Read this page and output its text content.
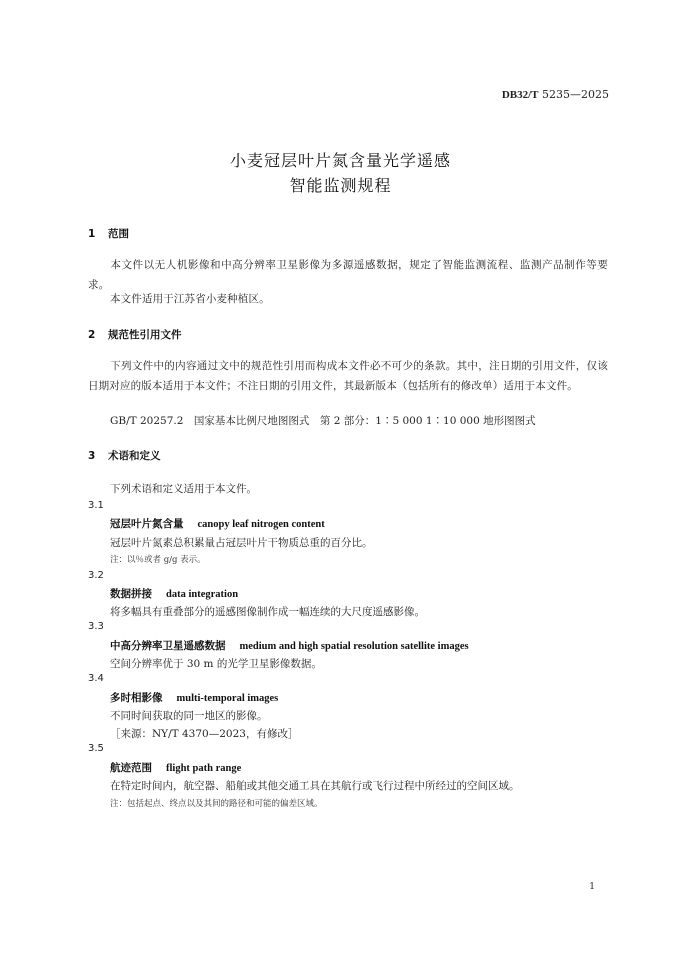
DB32/T 5235—2025
小麦冠层叶片氮含量光学遥感
智能监测规程
1 范围
本文件以无人机影像和中高分辨率卫星影像为多源遥感数据，规定了智能监测流程、监测产品制作等要求。
本文件适用于江苏省小麦种植区。
2 规范性引用文件
下列文件中的内容通过文中的规范性引用而构成本文件必不可少的条款。其中，注日期的引用文件，仅该日期对应的版本适用于本文件；不注日期的引用文件，其最新版本（包括所有的修改单）适用于本文件。
GB/T 20257.2　国家基本比例尺地图图式　第 2 部分：1∶5 000 1∶10 000 地形图图式
3 术语和定义
下列术语和定义适用于本文件。
3.1
冠层叶片氮含量 canopy leaf nitrogen content
冠层叶片氮素总积累量占冠层叶片干物质总重的百分比。
注：以％或者 g/g 表示。
3.2
数据拼接 data integration
将多幅具有重叠部分的遥感图像制作成一幅连续的大尺度遥感影像。
3.3
中高分辨率卫星遥感数据 medium and high spatial resolution satellite images
空间分辨率优于 30 m 的光学卫星影像数据。
3.4
多时相影像 multi-temporal images
不同时间获取的同一地区的影像。
［来源：NY/T 4370—2023，有修改］
3.5
航迹范围 flight path range
在特定时间内，航空器、船舶或其他交通工具在其航行或飞行过程中所经过的空间区域。
注：包括起点、终点以及其间的路径和可能的偏差区域。
1
